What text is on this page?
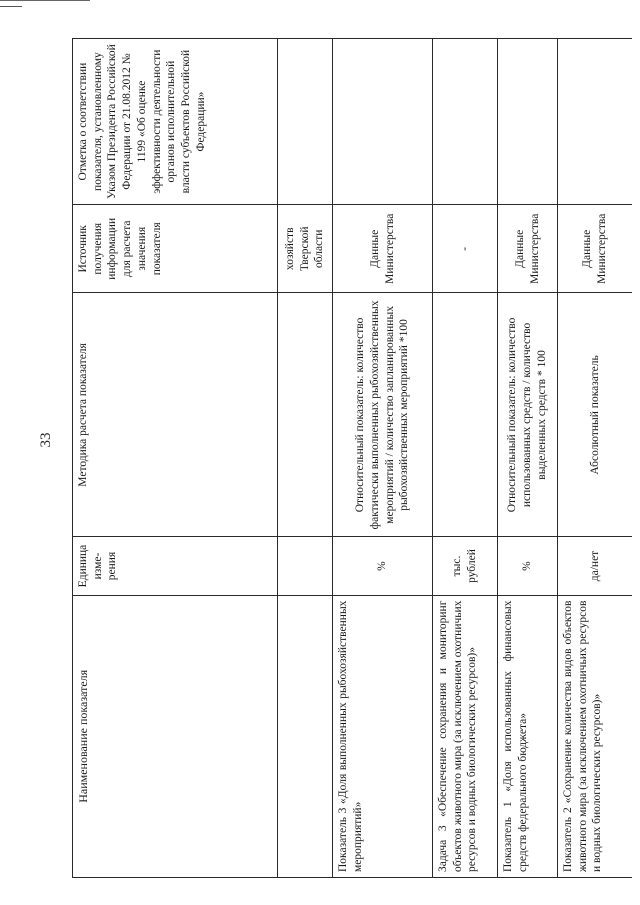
33
Наименование показателя	Единица изме-рения	Методика расчета показателя	Источник получения информации для расчета значения показателя	Отметка о соответствии показателя, установленному Указом Президента Российской Федерации от 21.08.2012 № 1199 «Об оценке эффективности деятельности органов исполнительной власти субъектов Российской Федерации»
			хозяйств Тверской области	
Показатель 3 «Доля выполненных рыбохозяйственных мероприятий»	%	Относительный показатель: количество фактически выполненных рыбохозяйственных мероприятий / количество запланированных рыбохозяйственных мероприятий *100	Данные Министерства	
Задача 3 «Обеспечение сохранения и мониторинг объектов животного мира (за исключением охотничьих ресурсов и водных биологических ресурсов)»	тыс. рублей		-	
Показатель 1 «Доля использованных финансовых средств федерального бюджета»	%	Относительный показатель: количество использованных средств / количество выделенных средств * 100	Данные Министерства	
Показатель 2 «Сохранение количества видов объектов животного мира (за исключением охотничьих ресурсов и водных биологических ресурсов)»	да/нет	Абсолютный показатель	Данные Министерства	
